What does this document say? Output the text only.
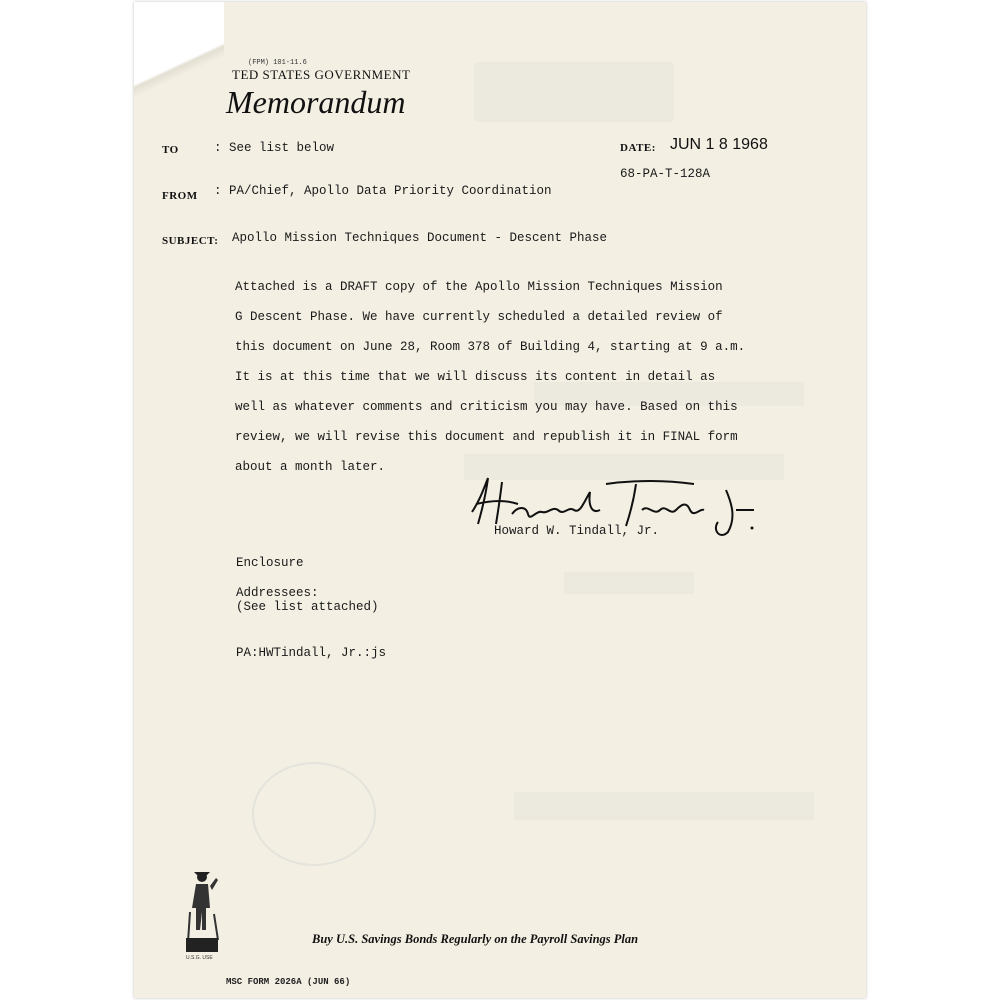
(FPM) 101-11.6
TED STATES GOVERNMENT
Memorandum
TO	: See list below	DATE: JUN 1 8 1968
68-PA-T-128A
FROM : PA/Chief, Apollo Data Priority Coordination
SUBJECT: Apollo Mission Techniques Document - Descent Phase
Attached is a DRAFT copy of the Apollo Mission Techniques Mission
G Descent Phase. We have currently scheduled a detailed review of
this document on June 28, Room 378 of Building 4, starting at 9 a.m.
It is at this time that we will discuss its content in detail as
well as whatever comments and criticism you may have. Based on this
review, we will revise this document and republish it in FINAL form
about a month later.
Howard W. Tindall, Jr.
Enclosure
Addressees:
(See list attached)
PA:HWTindall, Jr.:js
U.S.G. USE
Buy U.S. Savings Bonds Regularly on the Payroll Savings Plan
MSC FORM 2026A (JUN 66)
